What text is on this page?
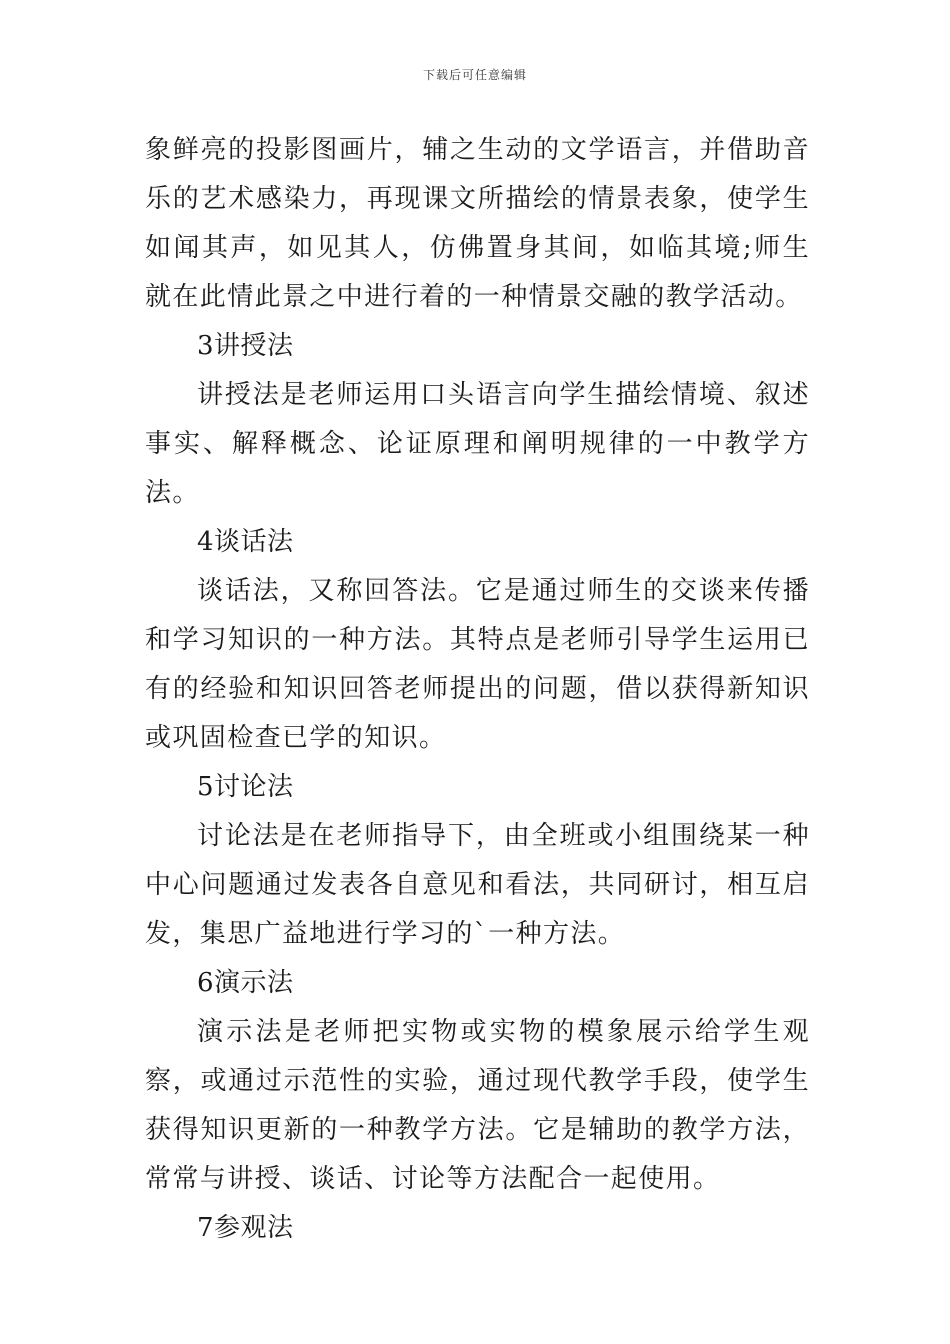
下载后可任意编辑

象鲜亮的投影图画片，辅之生动的文学语言，并借助音乐的艺术感染力，再现课文所描绘的情景表象，使学生如闻其声，如见其人，仿佛置身其间，如临其境;师生就在此情此景之中进行着的一种情景交融的教学活动。

3讲授法

讲授法是老师运用口头语言向学生描绘情境、叙述事实、解释概念、论证原理和阐明规律的一中教学方法。

4谈话法

谈话法，又称回答法。它是通过师生的交谈来传播和学习知识的一种方法。其特点是老师引导学生运用已有的经验和知识回答老师提出的问题，借以获得新知识或巩固检查已学的知识。

5讨论法

讨论法是在老师指导下，由全班或小组围绕某一种中心问题通过发表各自意见和看法，共同研讨，相互启发，集思广益地进行学习的`一种方法。

6演示法

演示法是老师把实物或实物的模象展示给学生观察，或通过示范性的实验，通过现代教学手段，使学生获得知识更新的一种教学方法。它是辅助的教学方法，常常与讲授、谈话、讨论等方法配合一起使用。

7参观法
